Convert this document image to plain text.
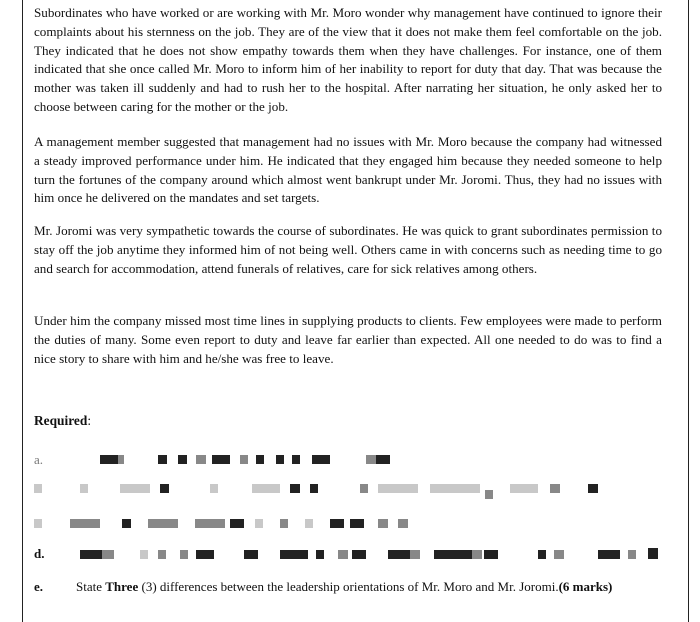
Subordinates who have worked or are working with Mr. Moro wonder why management have continued to ignore their complaints about his sternness on the job. They are of the view that it does not make them feel comfortable on the job. They indicated that he does not show empathy towards them when they have challenges. For instance, one of them indicated that she once called Mr. Moro to inform him of her inability to report for duty that day. That was because the mother was taken ill suddenly and had to rush her to the hospital. After narrating her situation, he only asked her to choose between caring for the mother or the job.

A management member suggested that management had no issues with Mr. Moro because the company had witnessed a steady improved performance under him. He indicated that they engaged him because they needed someone to help turn the fortunes of the company around which almost went bankrupt under Mr. Joromi. Thus, they had no issues with him once he delivered on the mandates and set targets.

Mr. Joromi was very sympathetic towards the course of subordinates. He was quick to grant subordinates permission to stay off the job anytime they informed him of not being well. Others came in with concerns such as needing time to go and search for accommodation, attend funerals of relatives, care for sick relatives among others.

Under him the company missed most time lines in supplying products to clients. Few employees were made to perform the duties of many. Some even report to duty and leave far earlier than expected. All one needed to do was to find a nice story to share with him and he/she was free to leave.

Required:
a.
d.
e.	State Three (3) differences between the leadership orientations of Mr. Moro and Mr. Joromi.(6 marks)
